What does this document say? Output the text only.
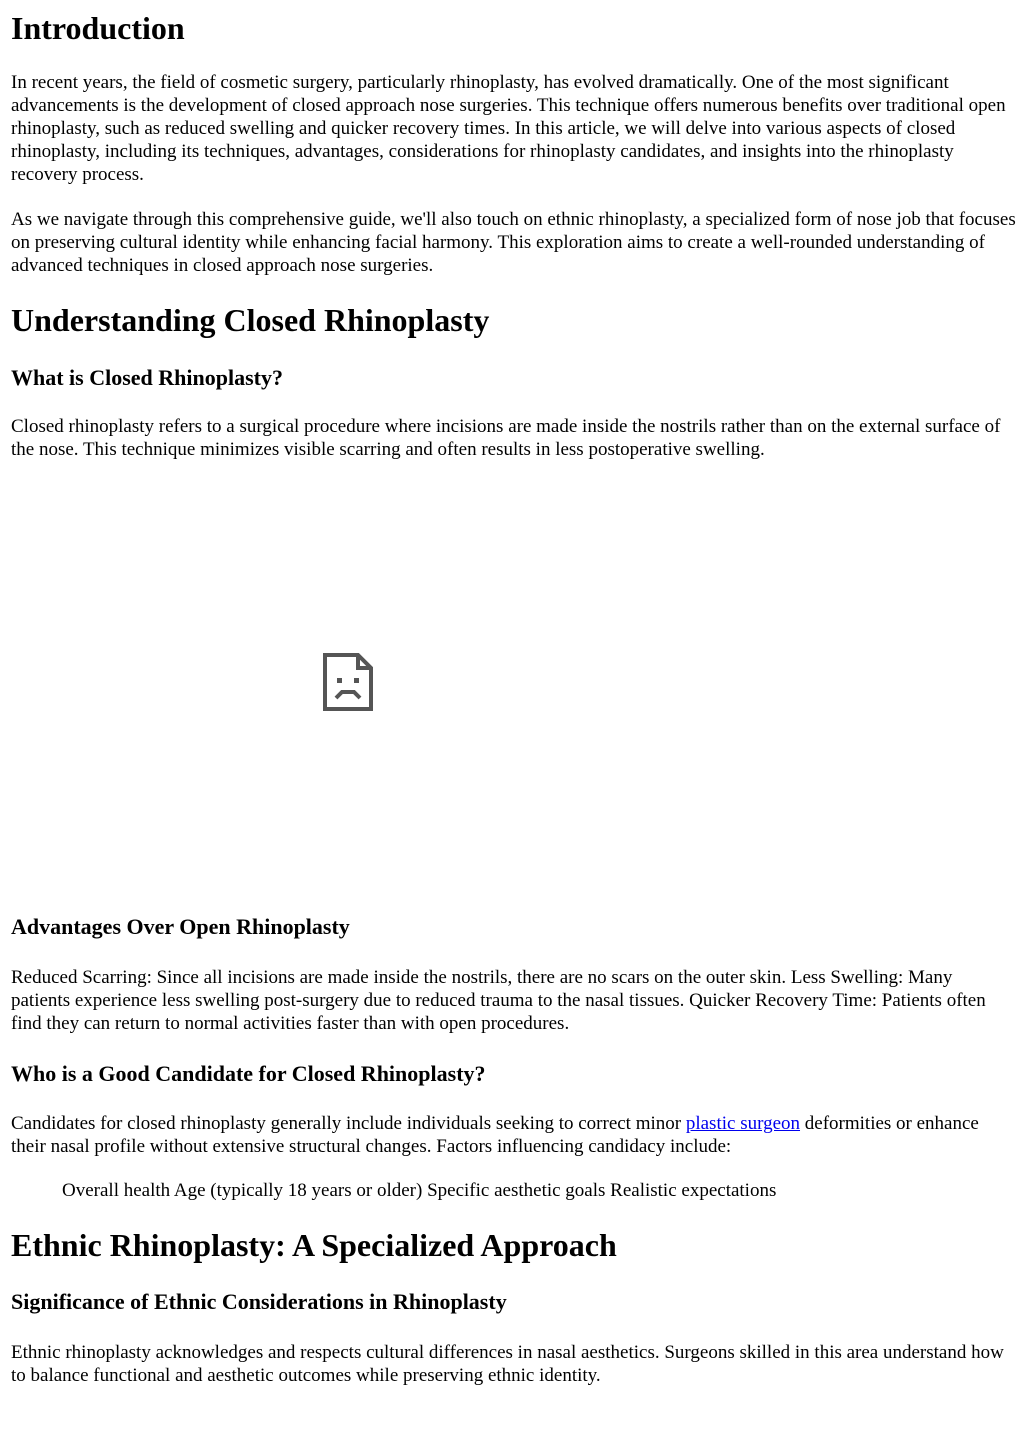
Introduction

In recent years, the field of cosmetic surgery, particularly rhinoplasty, has evolved dramatically. One of the most significant advancements is the development of closed approach nose surgeries. This technique offers numerous benefits over traditional open rhinoplasty, such as reduced swelling and quicker recovery times. In this article, we will delve into various aspects of closed rhinoplasty, including its techniques, advantages, considerations for rhinoplasty candidates, and insights into the rhinoplasty recovery process.

As we navigate through this comprehensive guide, we'll also touch on ethnic rhinoplasty, a specialized form of nose job that focuses on preserving cultural identity while enhancing facial harmony. This exploration aims to create a well-rounded understanding of advanced techniques in closed approach nose surgeries.

Understanding Closed Rhinoplasty
What is Closed Rhinoplasty?

Closed rhinoplasty refers to a surgical procedure where incisions are made inside the nostrils rather than on the external surface of the nose. This technique minimizes visible scarring and often results in less postoperative swelling.

Advantages Over Open Rhinoplasty

Reduced Scarring: Since all incisions are made inside the nostrils, there are no scars on the outer skin. Less Swelling: Many patients experience less swelling post-surgery due to reduced trauma to the nasal tissues. Quicker Recovery Time: Patients often find they can return to normal activities faster than with open procedures.

Who is a Good Candidate for Closed Rhinoplasty?

Candidates for closed rhinoplasty generally include individuals seeking to correct minor plastic surgeon deformities or enhance their nasal profile without extensive structural changes. Factors influencing candidacy include:

Overall health Age (typically 18 years or older) Specific aesthetic goals Realistic expectations

Ethnic Rhinoplasty: A Specialized Approach
Significance of Ethnic Considerations in Rhinoplasty

Ethnic rhinoplasty acknowledges and respects cultural differences in nasal aesthetics. Surgeons skilled in this area understand how to balance functional and aesthetic outcomes while preserving ethnic identity.
